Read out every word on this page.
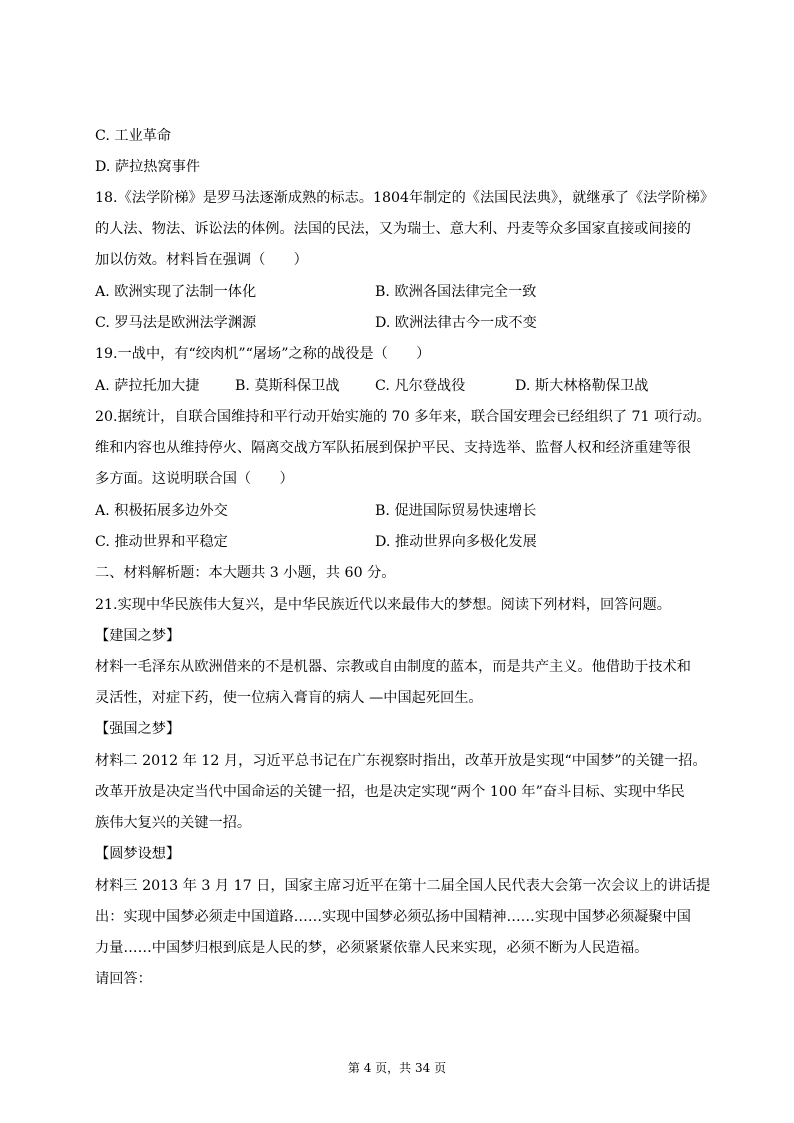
C. 工业革命
D. 萨拉热窝事件
18.《法学阶梯》是罗马法逐渐成熟的标志。1804年制定的《法国民法典》，就继承了《法学阶梯》
的人法、物法、诉讼法的体例。法国的民法，又为瑞士、意大利、丹麦等众多国家直接或间接的
加以仿效。材料旨在强调（　　）
A. 欧洲实现了法制一体化	B. 欧洲各国法律完全一致
C. 罗马法是欧洲法学渊源	D. 欧洲法律古今一成不变
19.一战中，有“绞肉机”“屠场”之称的战役是（　　）
A. 萨拉托加大捷	B. 莫斯科保卫战 C. 凡尔登战役	D. 斯大林格勒保卫战
20.据统计，自联合国维持和平行动开始实施的 70 多年来，联合国安理会已经组织了 71 项行动。
维和内容也从维持停火、隔离交战方军队拓展到保护平民、支持选举、监督人权和经济重建等很
多方面。这说明联合国（　　）
A. 积极拓展多边外交	B. 促进国际贸易快速增长
C. 推动世界和平稳定	D. 推动世界向多极化发展
二、材料解析题：本大题共 3 小题，共 60 分。
21.实现中华民族伟大复兴，是中华民族近代以来最伟大的梦想。阅读下列材料，回答问题。
【建国之梦】
材料一毛泽东从欧洲借来的不是机器、宗教或自由制度的蓝本，而是共产主义。他借助于技术和
灵活性，对症下药，使一位病入膏肓的病人 —中国起死回生。
【强国之梦】
材料二 2012 年 12 月，习近平总书记在广东视察时指出，改革开放是实现“中国梦”的关键一招。
改革开放是决定当代中国命运的关键一招，也是决定实现“两个 100 年”奋斗目标、实现中华民
族伟大复兴的关键一招。
【圆梦设想】
材料三 2013 年 3 月 17 日，国家主席习近平在第十二届全国人民代表大会第一次会议上的讲话提
出：实现中国梦必须走中国道路……实现中国梦必须弘扬中国精神……实现中国梦必须凝聚中国
力量……中国梦归根到底是人民的梦，必须紧紧依靠人民来实现，必须不断为人民造福。
请回答：
第 4 页，共 34 页
